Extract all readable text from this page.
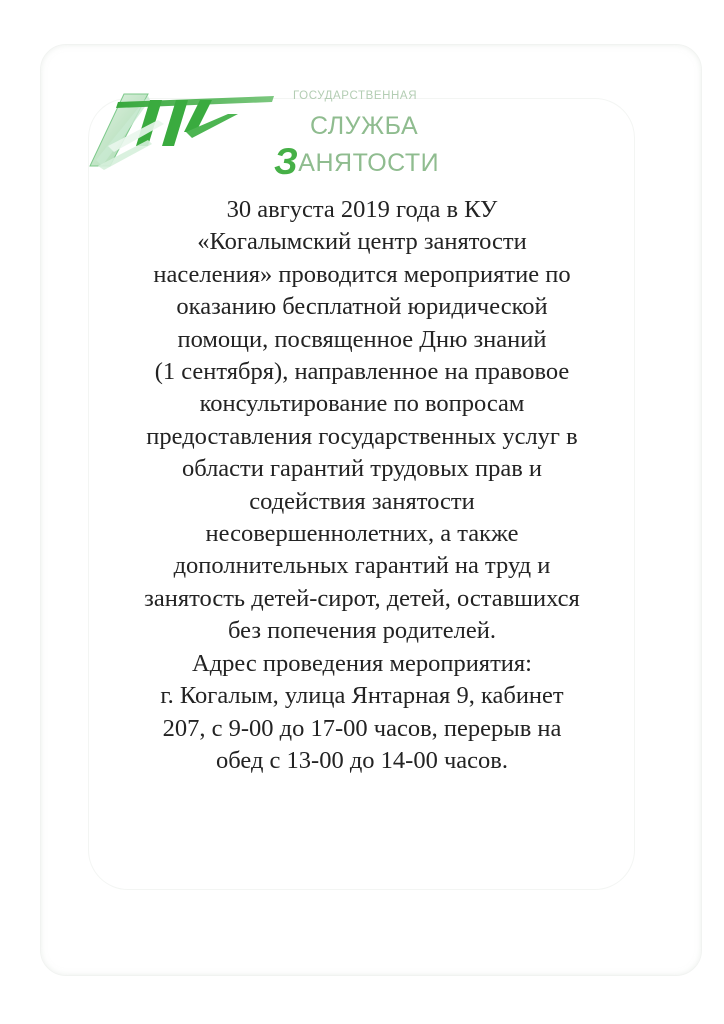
ГОСУДАРСТВЕННАЯ
СЛУЖБА
ЗАНЯТОСТИ
30 августа 2019 года в КУ
«Когалымский центр занятости
населения» проводится мероприятие по
оказанию бесплатной юридической
помощи, посвященное Дню знаний
(1 сентября), направленное на правовое
консультирование по вопросам
предоставления государственных услуг в
области гарантий трудовых прав и
содействия занятости
несовершеннолетних, а также
дополнительных гарантий на труд и
занятость детей-сирот, детей, оставшихся
без попечения родителей.
Адрес проведения мероприятия:
г. Когалым, улица Янтарная 9, кабинет
207, с 9-00 до 17-00 часов, перерыв на
обед с 13-00 до 14-00 часов.
